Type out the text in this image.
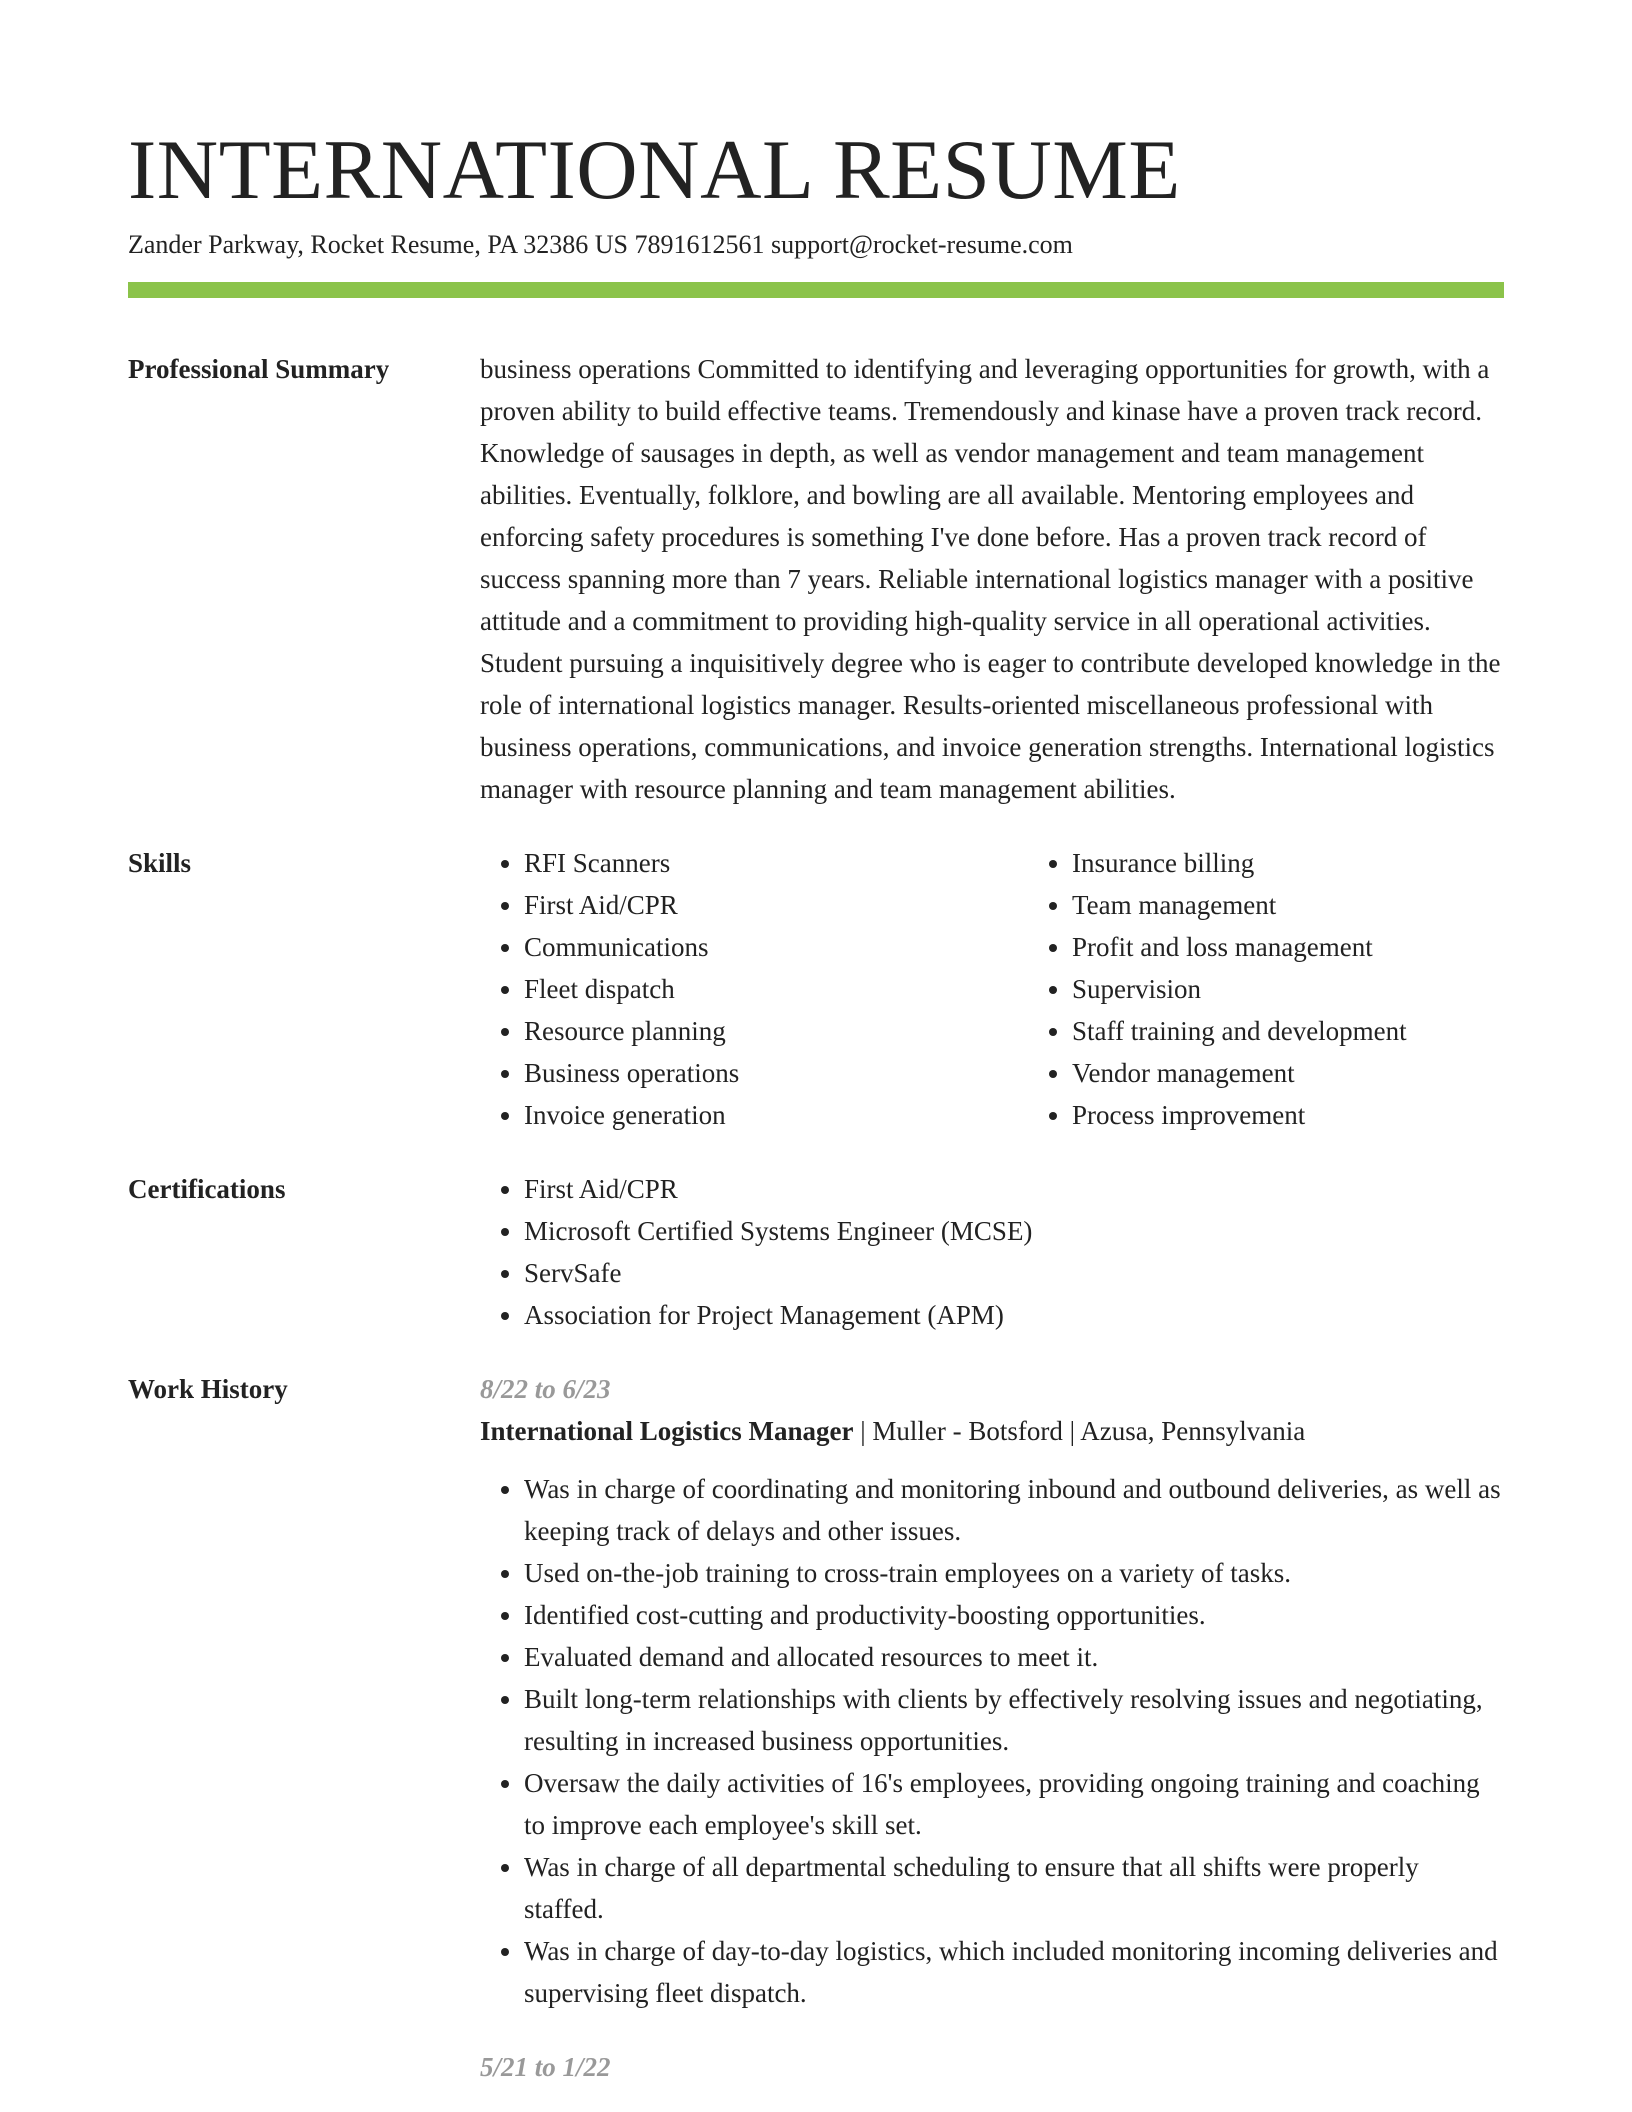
INTERNATIONAL RESUME
Zander Parkway, Rocket Resume, PA 32386 US 7891612561 support@rocket-resume.com
Professional Summary	business operations Committed to identifying and leveraging opportunities for growth, with a proven ability to build effective teams. Tremendously and kinase have a proven track record. Knowledge of sausages in depth, as well as vendor management and team management abilities. Eventually, folklore, and bowling are all available. Mentoring employees and enforcing safety procedures is something I've done before. Has a proven track record of success spanning more than 7 years. Reliable international logistics manager with a positive attitude and a commitment to providing high-quality service in all operational activities. Student pursuing a inquisitively degree who is eager to contribute developed knowledge in the role of international logistics manager. Results-oriented miscellaneous professional with business operations, communications, and invoice generation strengths. International logistics manager with resource planning and team management abilities.

Skills	• RFI Scanners
• First Aid/CPR
• Communications
• Fleet dispatch
• Resource planning
• Business operations
• Invoice generation
• Insurance billing
• Team management
• Profit and loss management
• Supervision
• Staff training and development
• Vendor management
• Process improvement
Certifications	• First Aid/CPR
• Microsoft Certified Systems Engineer (MCSE)
• ServSafe
• Association for Project Management (APM)
Work History	8/22 to 6/23
International Logistics Manager | Muller - Botsford | Azusa, Pennsylvania
• Was in charge of coordinating and monitoring inbound and outbound deliveries, as well as keeping track of delays and other issues.
• Used on-the-job training to cross-train employees on a variety of tasks.
• Identified cost-cutting and productivity-boosting opportunities.
• Evaluated demand and allocated resources to meet it.
• Built long-term relationships with clients by effectively resolving issues and negotiating, resulting in increased business opportunities.
• Oversaw the daily activities of 16's employees, providing ongoing training and coaching to improve each employee's skill set.
• Was in charge of all departmental scheduling to ensure that all shifts were properly staffed.
• Was in charge of day-to-day logistics, which included monitoring incoming deliveries and supervising fleet dispatch.
5/21 to 1/22
